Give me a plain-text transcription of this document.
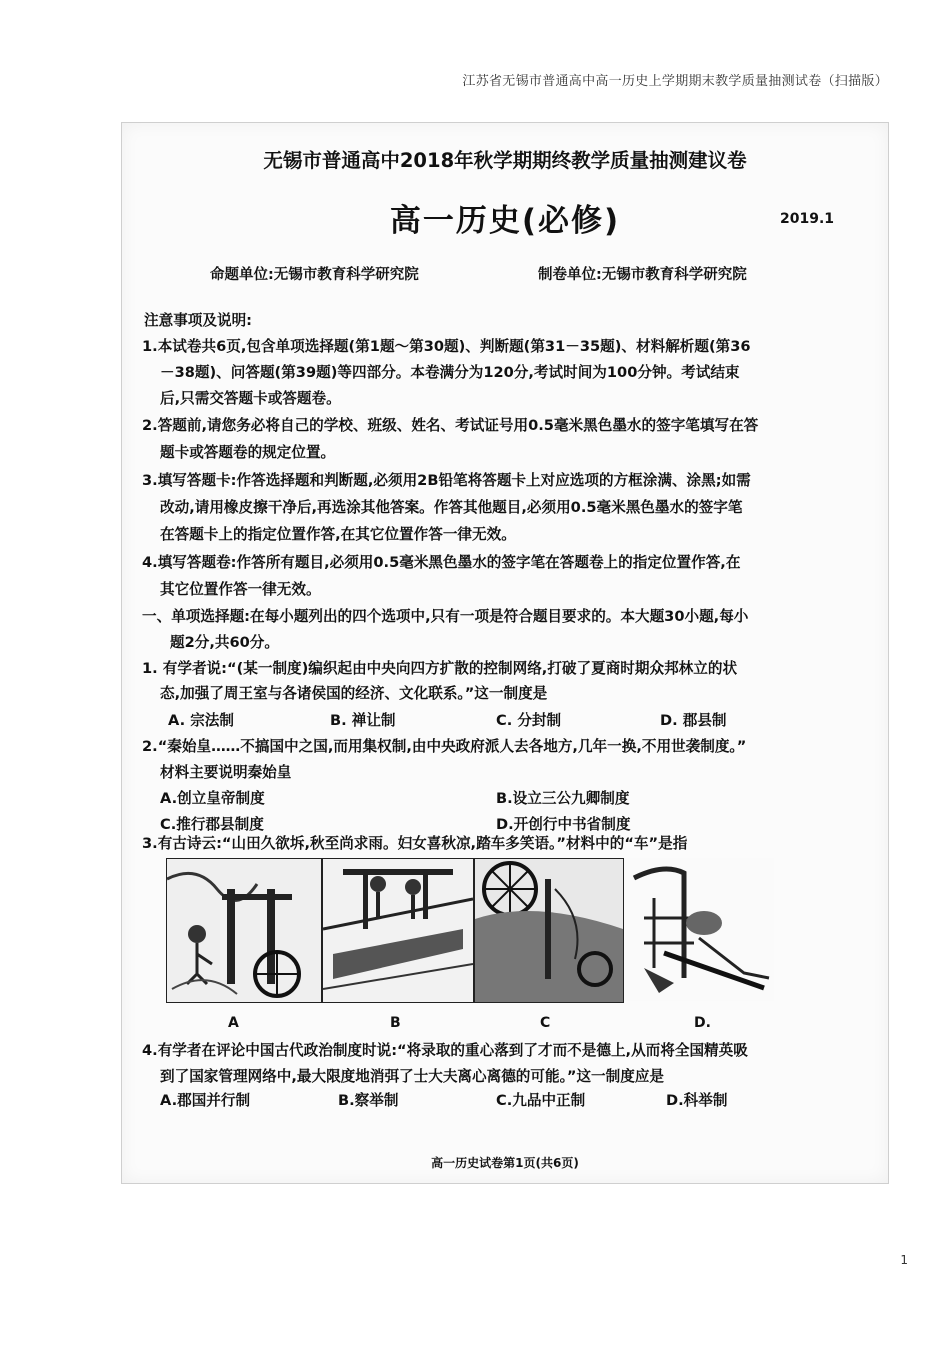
江苏省无锡市普通高中高一历史上学期期末教学质量抽测试卷（扫描版）
无锡市普通高中2018年秋学期期终教学质量抽测建议卷
高一历史(必修)	2019.1
命题单位:无锡市教育科学研究院	制卷单位:无锡市教育科学研究院
注意事项及说明:
1.本试卷共6页,包含单项选择题(第1题～第30题)、判断题(第31－35题)、材料解析题(第36
－38题)、问答题(第39题)等四部分。本卷满分为120分,考试时间为100分钟。考试结束
后,只需交答题卡或答题卷。
2.答题前,请您务必将自己的学校、班级、姓名、考试证号用0.5毫米黑色墨水的签字笔填写在答
题卡或答题卷的规定位置。
3.填写答题卡:作答选择题和判断题,必须用2B铅笔将答题卡上对应选项的方框涂满、涂黑;如需
改动,请用橡皮擦干净后,再选涂其他答案。作答其他题目,必须用0.5毫米黑色墨水的签字笔
在答题卡上的指定位置作答,在其它位置作答一律无效。
4.填写答题卷:作答所有题目,必须用0.5毫米黑色墨水的签字笔在答题卷上的指定位置作答,在
其它位置作答一律无效。
一、单项选择题:在每小题列出的四个选项中,只有一项是符合题目要求的。本大题30小题,每小
题2分,共60分。
1. 有学者说:“(某一制度)编织起由中央向四方扩散的控制网络,打破了夏商时期众邦林立的状
态,加强了周王室与各诸侯国的经济、文化联系。”这一制度是
A. 宗法制	B. 禅让制	C. 分封制	D. 郡县制
2.“秦始皇……不搞国中之国,而用集权制,由中央政府派人去各地方,几年一换,不用世袭制度。”
材料主要说明秦始皇
A.创立皇帝制度	B.设立三公九卿制度
C.推行郡县制度	D.开创行中书省制度
3.有古诗云:“山田久欲坼,秋至尚求雨。妇女喜秋凉,踏车多笑语。”材料中的“车”是指
A	B	C	D.
4.有学者在评论中国古代政治制度时说:“将录取的重心落到了才而不是德上,从而将全国精英吸
到了国家管理网络中,最大限度地消弭了士大夫离心离德的可能。”这一制度应是
A.郡国并行制	B.察举制	C.九品中正制	D.科举制
高一历史试卷第1页(共6页)
1
